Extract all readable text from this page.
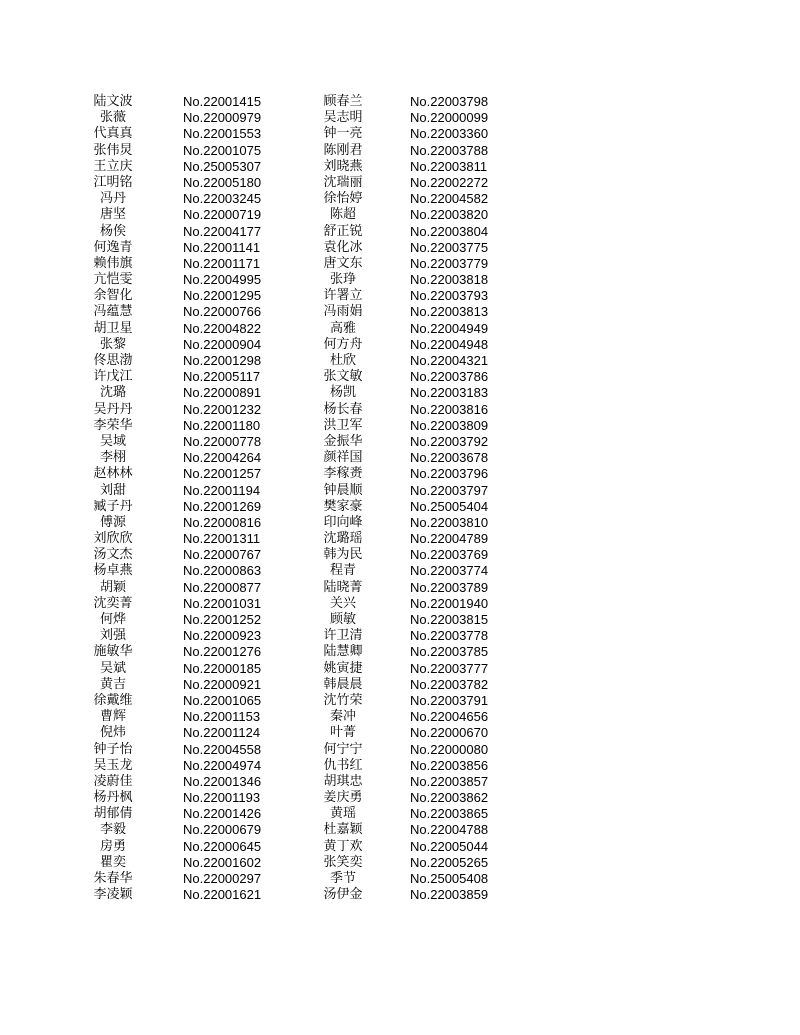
陆文波	No.22001415	顾春兰	No.22003798
张薇	No.22000979	吴志明	No.22000099
代真真	No.22001553	钟一亮	No.22003360
张伟炅	No.22001075	陈刚君	No.22003788
王立庆	No.25005307	刘晓燕	No.22003811
江明铭	No.22005180	沈瑞丽	No.22002272
冯丹	No.22003245	徐怡婷	No.22004582
唐坚	No.22000719	陈超	No.22003820
杨俟	No.22004177	舒正锐	No.22003804
何逸青	No.22001141	袁化冰	No.22003775
赖伟旗	No.22001171	唐文东	No.22003779
亢恺雯	No.22004995	张琤	No.22003818
余智化	No.22001295	许署立	No.22003793
冯蕴慧	No.22000766	冯雨娟	No.22003813
胡卫星	No.22004822	高雅	No.22004949
张黎	No.22000904	何方舟	No.22004948
佟思渤	No.22001298	杜欣	No.22004321
许戊江	No.22005117	张文敏	No.22003786
沈璐	No.22000891	杨凯	No.22003183
吴丹丹	No.22001232	杨长春	No.22003816
李荣华	No.22001180	洪卫军	No.22003809
吴域	No.22000778	金振华	No.22003792
李栩	No.22004264	颜祥国	No.22003678
赵林林	No.22001257	李稼赉	No.22003796
刘甜	No.22001194	钟晨顺	No.22003797
臧子丹	No.22001269	樊家豪	No.25005404
傅源	No.22000816	印向峰	No.22003810
刘欣欣	No.22001311	沈璐瑶	No.22004789
汤文杰	No.22000767	韩为民	No.22003769
杨卓燕	No.22000863	程青	No.22003774
胡颖	No.22000877	陆晓菁	No.22003789
沈奕菁	No.22001031	关兴	No.22001940
何烨	No.22001252	顾敏	No.22003815
刘强	No.22000923	许卫清	No.22003778
施敏华	No.22001276	陆慧卿	No.22003785
吴斌	No.22000185	姚寅捷	No.22003777
黄吉	No.22000921	韩晨晨	No.22003782
徐戴维	No.22001065	沈竹荣	No.22003791
曹辉	No.22001153	秦冲	No.22004656
倪炜	No.22001124	叶菁	No.22000670
钟子怡	No.22004558	何宁宁	No.22000080
吴玉龙	No.22004974	仇书红	No.22003856
凌蔚佳	No.22001346	胡琪忠	No.22003857
杨丹枫	No.22001193	姜庆勇	No.22003862
胡郁倩	No.22001426	黄瑶	No.22003865
李毅	No.22000679	杜嘉颖	No.22004788
房勇	No.22000645	黄丁欢	No.22005044
瞿奕	No.22001602	张笑奕	No.22005265
朱春华	No.22000297	季节	No.25005408
李凌颖	No.22001621	汤伊金	No.22003859
